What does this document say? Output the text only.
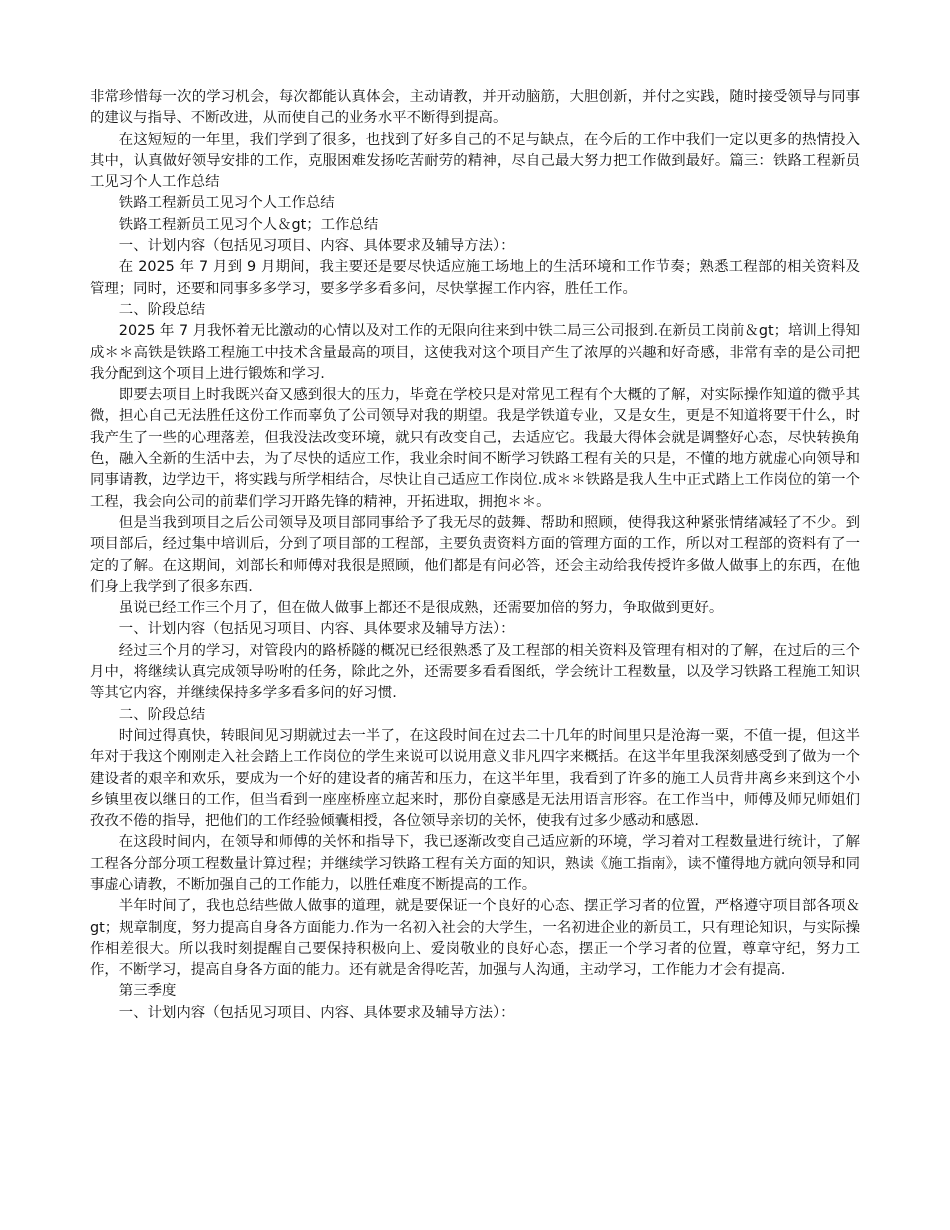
非常珍惜每一次的学习机会，每次都能认真体会，主动请教，并开动脑筋，大胆创新，并付之实践，随时接受领导与同事的建议与指导、不断改进，从而使自己的业务水平不断得到提高。

在这短短的一年里，我们学到了很多，也找到了好多自己的不足与缺点，在今后的工作中我们一定以更多的热情投入其中，认真做好领导安排的工作，克服困难发扬吃苦耐劳的精神，尽自己最大努力把工作做到最好。篇三：铁路工程新员工见习个人工作总结

铁路工程新员工见习个人工作总结

铁路工程新员工见习个人＆gt；工作总结

一、计划内容（包括见习项目、内容、具体要求及辅导方法）：

在 2025 年 7 月到 9 月期间，我主要还是要尽快适应施工场地上的生活环境和工作节奏；熟悉工程部的相关资料及管理；同时，还要和同事多多学习，要多学多看多问，尽快掌握工作内容，胜任工作。

二、阶段总结

2025 年 7 月我怀着无比激动的心情以及对工作的无限向往来到中铁二局三公司报到.在新员工岗前＆gt；培训上得知成＊＊高铁是铁路工程施工中技术含量最高的项目，这使我对这个项目产生了浓厚的兴趣和好奇感，非常有幸的是公司把我分配到这个项目上进行锻炼和学习.

即要去项目上时我既兴奋又感到很大的压力，毕竟在学校只是对常见工程有个大概的了解，对实际操作知道的微乎其微，担心自己无法胜任这份工作而辜负了公司领导对我的期望。我是学铁道专业，又是女生，更是不知道将要干什么，时我产生了一些的心理落差，但我没法改变环境，就只有改变自己，去适应它。我最大得体会就是调整好心态，尽快转换角色，融入全新的生活中去，为了尽快的适应工作，我业余时间不断学习铁路工程有关的只是，不懂的地方就虚心向领导和同事请教，边学边干，将实践与所学相结合，尽快让自己适应工作岗位.成＊＊铁路是我人生中正式踏上工作岗位的第一个工程，我会向公司的前辈们学习开路先锋的精神，开拓进取，拥抱＊＊。

但是当我到项目之后公司领导及项目部同事给予了我无尽的鼓舞、帮助和照顾，使得我这种紧张情绪减轻了不少。到项目部后，经过集中培训后，分到了项目部的工程部，主要负责资料方面的管理方面的工作，所以对工程部的资料有了一定的了解。在这期间，刘部长和师傅对我很是照顾，他们都是有问必答，还会主动给我传授许多做人做事上的东西，在他们身上我学到了很多东西.

虽说已经工作三个月了，但在做人做事上都还不是很成熟，还需要加倍的努力，争取做到更好。

一、计划内容（包括见习项目、内容、具体要求及辅导方法）：

经过三个月的学习，对管段内的路桥隧的概况已经很熟悉了及工程部的相关资料及管理有相对的了解，在过后的三个月中，将继续认真完成领导吩咐的任务，除此之外，还需要多看看图纸，学会统计工程数量，以及学习铁路工程施工知识等其它内容，并继续保持多学多看多问的好习惯.

二、阶段总结

时间过得真快，转眼间见习期就过去一半了，在这段时间在过去二十几年的时间里只是沧海一粟，不值一提，但这半年对于我这个刚刚走入社会踏上工作岗位的学生来说可以说用意义非凡四字来概括。在这半年里我深刻感受到了做为一个建设者的艰辛和欢乐，要成为一个好的建设者的痛苦和压力，在这半年里，我看到了许多的施工人员背井离乡来到这个小乡镇里夜以继日的工作，但当看到一座座桥座立起来时，那份自豪感是无法用语言形容。在工作当中，师傅及师兄师姐们孜孜不倦的指导，把他们的工作经验倾囊相授，各位领导亲切的关怀，使我有过多少感动和感恩.

在这段时间内，在领导和师傅的关怀和指导下，我已逐渐改变自己适应新的环境，学习着对工程数量进行统计，了解工程各分部分项工程数量计算过程；并继续学习铁路工程有关方面的知识，熟读《施工指南》，读不懂得地方就向领导和同事虚心请教，不断加强自己的工作能力，以胜任难度不断提高的工作。

半年时间了，我也总结些做人做事的道理，就是要保证一个良好的心态、摆正学习者的位置，严格遵守项目部各项＆gt；规章制度，努力提高自身各方面能力.作为一名初入社会的大学生，一名初进企业的新员工，只有理论知识，与实际操作相差很大。所以我时刻提醒自己要保持积极向上、爱岗敬业的良好心态，摆正一个学习者的位置，尊章守纪，努力工作，不断学习，提高自身各方面的能力。还有就是舍得吃苦，加强与人沟通，主动学习，工作能力才会有提高.

第三季度

一、计划内容（包括见习项目、内容、具体要求及辅导方法）：
